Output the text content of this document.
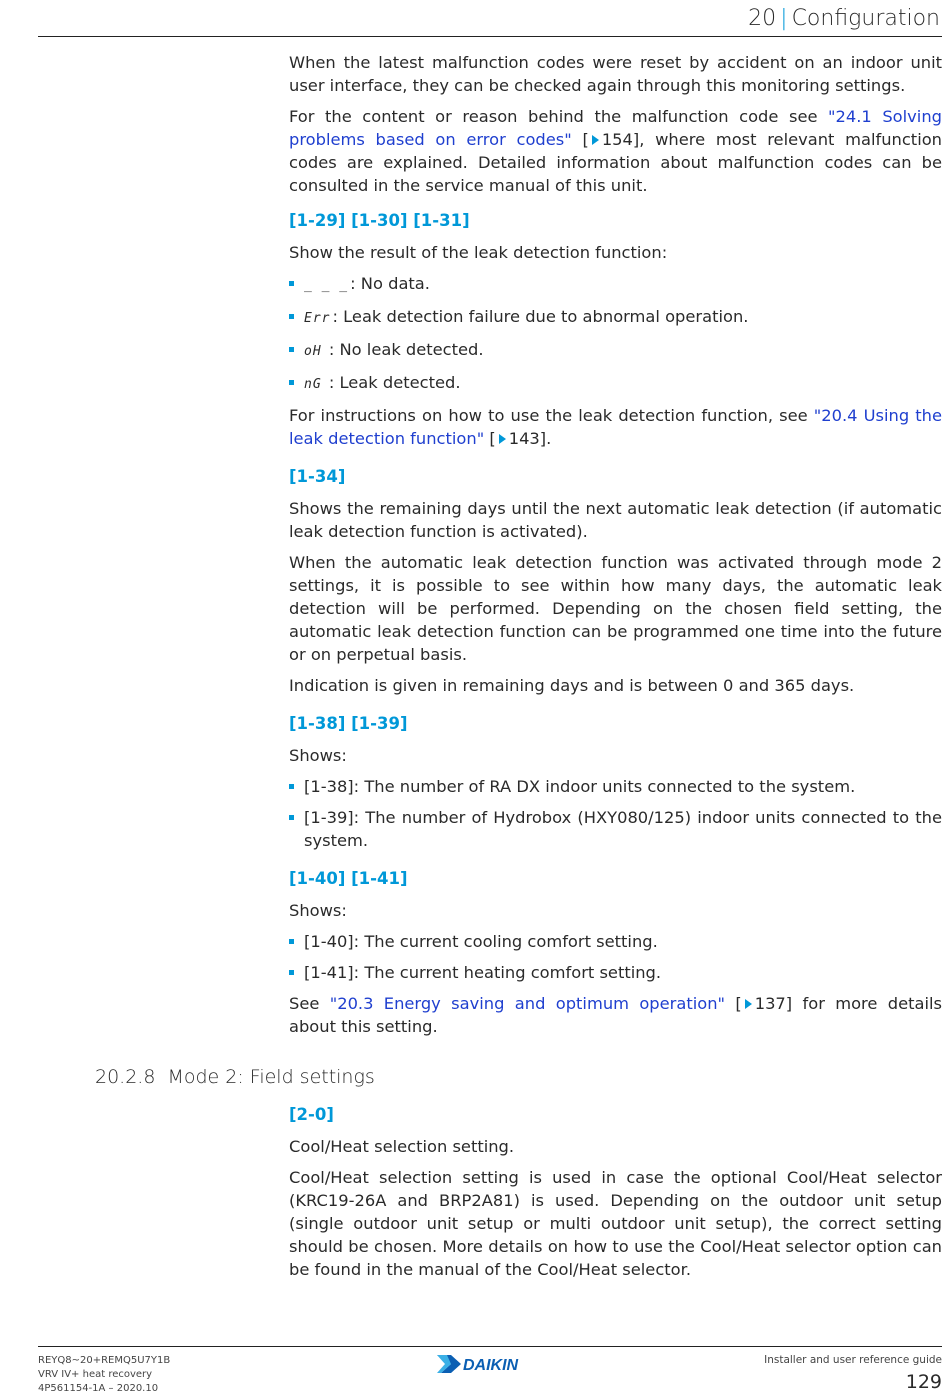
20 | Configuration

When the latest malfunction codes were reset by accident on an indoor unit user interface, they can be checked again through this monitoring settings.

For the content or reason behind the malfunction code see "24.1 Solving problems based on error codes" [ 154], where most relevant malfunction codes are explained. Detailed information about malfunction codes can be consulted in the service manual of this unit.

[1-29] [1-30] [1-31]

Show the result of the leak detection function:

_ _ _ : No data.
Err : Leak detection failure due to abnormal operation.
oH : No leak detected.
nG : Leak detected.

For instructions on how to use the leak detection function, see "20.4 Using the leak detection function" [ 143].

[1-34]

Shows the remaining days until the next automatic leak detection (if automatic leak detection function is activated).

When the automatic leak detection function was activated through mode 2 settings, it is possible to see within how many days, the automatic leak detection will be performed. Depending on the chosen field setting, the automatic leak detection function can be programmed one time into the future or on perpetual basis.

Indication is given in remaining days and is between 0 and 365 days.

[1-38] [1-39]

Shows:

[1-38]: The number of RA DX indoor units connected to the system.
[1-39]: The number of Hydrobox (HXY080/125) indoor units connected to the system.
[1-40] [1-41]

Shows:

[1-40]: The current cooling comfort setting.
[1-41]: The current heating comfort setting.

See "20.3 Energy saving and optimum operation" [ 137] for more details about this setting.

20.2.8 Mode 2: Field settings
[2-0]

Cool/Heat selection setting.

Cool/Heat selection setting is used in case the optional Cool/Heat selector (KRC19-26A and BRP2A81) is used. Depending on the outdoor unit setup (single outdoor unit setup or multi outdoor unit setup), the correct setting should be chosen. More details on how to use the Cool/Heat selector option can be found in the manual of the Cool/Heat selector.

REYQ8~20+REMQ5U7Y1B
VRV IV+ heat recovery
4P561154-1A – 2020.10
DAIKIN	Installer and user reference guide
129
